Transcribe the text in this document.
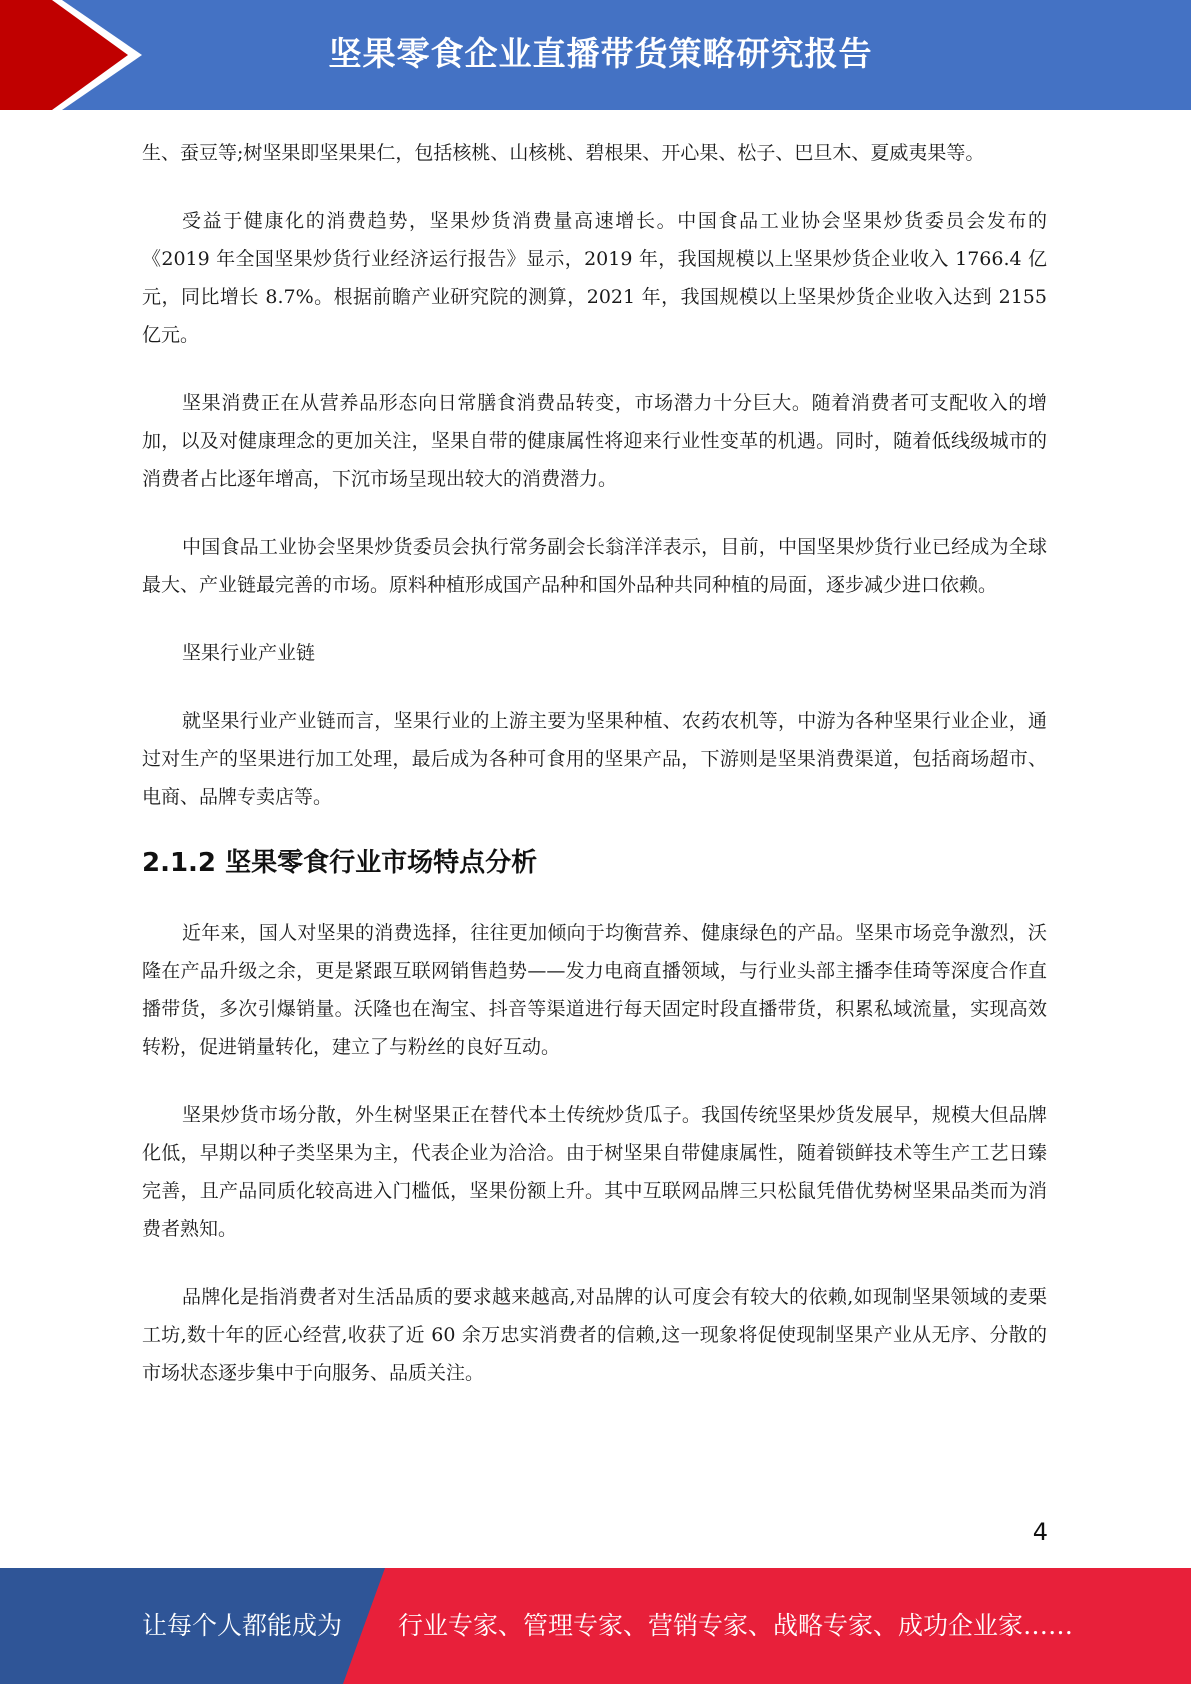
坚果零食企业直播带货策略研究报告

生、蚕豆等;树坚果即坚果果仁，包括核桃、山核桃、碧根果、开心果、松子、巴旦木、夏威夷果等。

受益于健康化的消费趋势，坚果炒货消费量高速增长。中国食品工业协会坚果炒货委员会发布的《2019 年全国坚果炒货行业经济运行报告》显示，2019 年，我国规模以上坚果炒货企业收入 1766.4 亿元，同比增长 8.7%。根据前瞻产业研究院的测算，2021 年，我国规模以上坚果炒货企业收入达到 2155 亿元。

坚果消费正在从营养品形态向日常膳食消费品转变，市场潜力十分巨大。随着消费者可支配收入的增加，以及对健康理念的更加关注，坚果自带的健康属性将迎来行业性变革的机遇。同时，随着低线级城市的消费者占比逐年增高，下沉市场呈现出较大的消费潜力。

中国食品工业协会坚果炒货委员会执行常务副会长翁洋洋表示，目前，中国坚果炒货行业已经成为全球最大、产业链最完善的市场。原料种植形成国产品种和国外品种共同种植的局面，逐步减少进口依赖。

坚果行业产业链

就坚果行业产业链而言，坚果行业的上游主要为坚果种植、农药农机等，中游为各种坚果行业企业，通过对生产的坚果进行加工处理，最后成为各种可食用的坚果产品，下游则是坚果消费渠道，包括商场超市、电商、品牌专卖店等。

2.1.2 坚果零食行业市场特点分析

近年来，国人对坚果的消费选择，往往更加倾向于均衡营养、健康绿色的产品。坚果市场竞争激烈，沃隆在产品升级之余，更是紧跟互联网销售趋势——发力电商直播领域，与行业头部主播李佳琦等深度合作直播带货，多次引爆销量。沃隆也在淘宝、抖音等渠道进行每天固定时段直播带货，积累私域流量，实现高效转粉，促进销量转化，建立了与粉丝的良好互动。

坚果炒货市场分散，外生树坚果正在替代本土传统炒货瓜子。我国传统坚果炒货发展早，规模大但品牌化低，早期以种子类坚果为主，代表企业为洽洽。由于树坚果自带健康属性，随着锁鲜技术等生产工艺日臻完善，且产品同质化较高进入门槛低，坚果份额上升。其中互联网品牌三只松鼠凭借优势树坚果品类而为消费者熟知。

品牌化是指消费者对生活品质的要求越来越高,对品牌的认可度会有较大的依赖,如现制坚果领域的麦栗工坊,数十年的匠心经营,收获了近 60 余万忠实消费者的信赖,这一现象将促使现制坚果产业从无序、分散的市场状态逐步集中于向服务、品质关注。

4
让每个人都能成为 行业专家、管理专家、营销专家、战略专家、成功企业家……
